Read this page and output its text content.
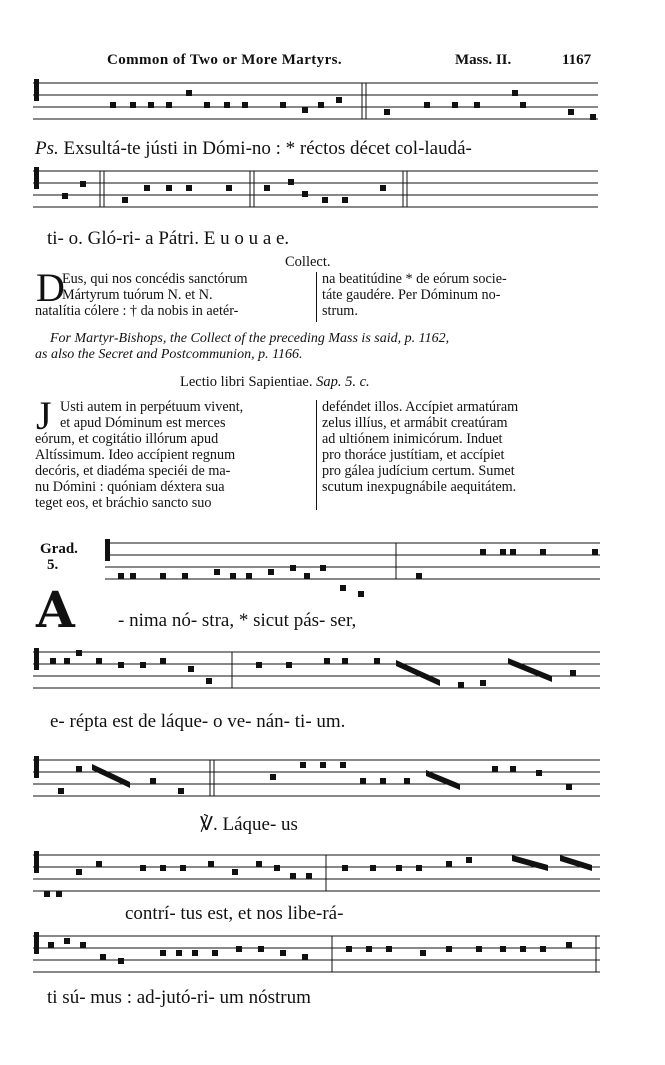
Common of Two or More Martyrs.	Mass. II.	1167
Ps. Exsultá-te jústi in Dómi-no : * réctos décet col-laudá-
ti- o. Gló-ri- a Pátri. E u o u a e.
Collect.
D
Eus, qui nos concédis sanctórum
Mártyrum tuórum N. et N.
natalítia cólere : † da nobis in aetér-
na beatitúdine * de eórum socie-
táte gaudére. Per Dóminum no-
strum.
For Martyr-Bishops, the Collect of the preceding Mass is said, p. 1162,
as also the Secret and Postcommunion, p. 1166.
Lectio libri Sapientiae. Sap. 5. c.
J Usti autem in perpétuum vivent,
et apud Dóminum est merces
eórum, et cogitátio illórum apud
Altíssimum. Ideo accípient regnum
decóris, et diadéma speciéi de ma-
nu Dómini : quóniam déxtera sua
teget eos, et bráchio sancto suo
deféndet illos. Accípiet armatúram
zelus illíus, et armábit creatúram
ad ultiónem inimicórum. Induet
pro thoráce justítiam, et accípiet
pro gálea judícium certum. Sumet
scutum inexpugnábile aequitátem.
Grad.
5.
A - nima nó- stra, * sicut pás- ser,
e- répta est de láque- o ve- nán- ti- um.
℣. Láque- us
contrí- tus est, et nos libe-rá-
ti sú- mus : ad-jutó-ri- um nóstrum
